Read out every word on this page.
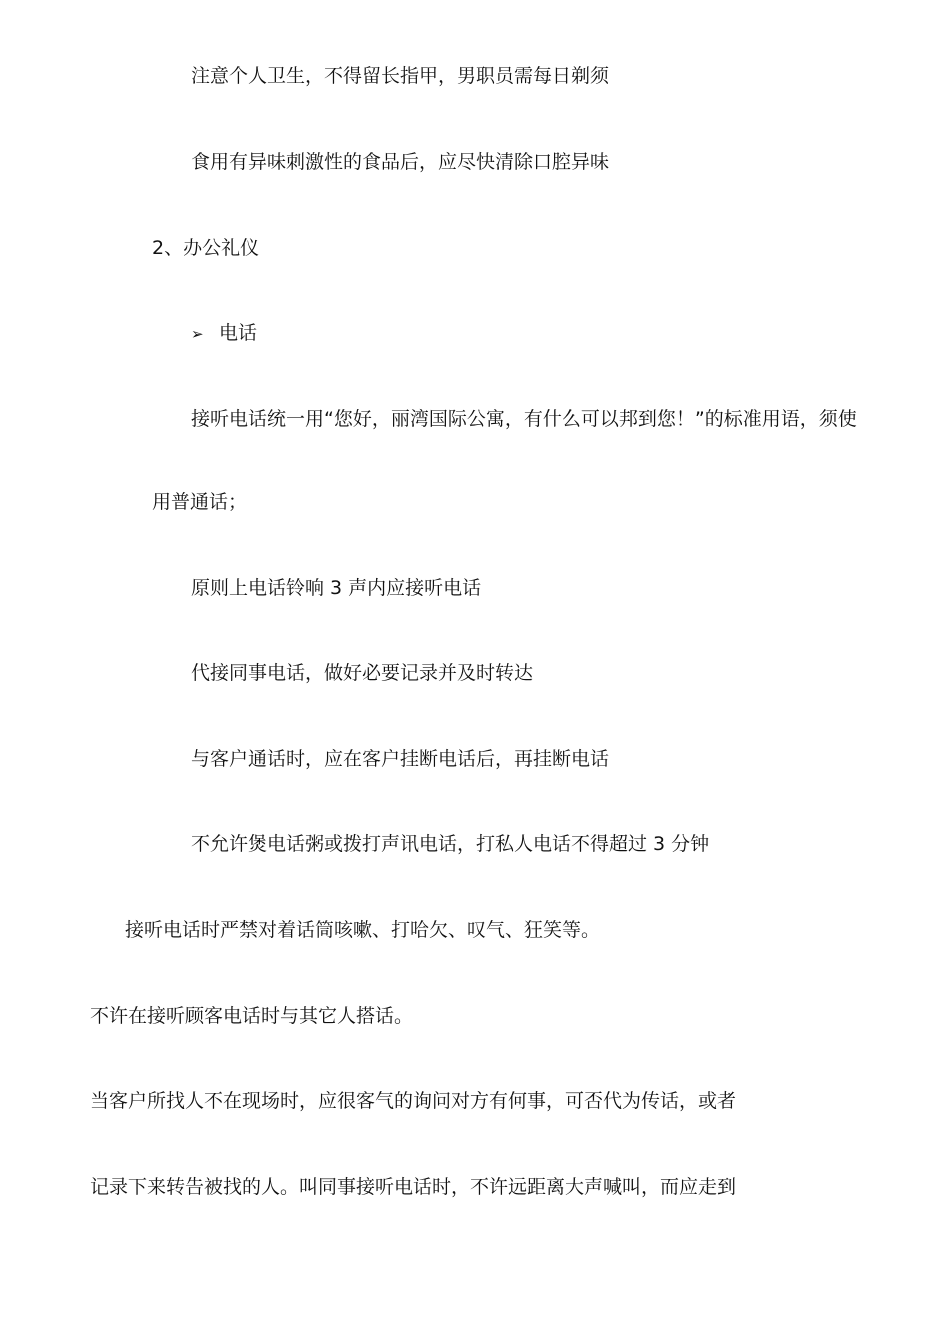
注意个人卫生，不得留长指甲，男职员需每日剃须
食用有异味刺激性的食品后，应尽快清除口腔异味
2、办公礼仪
➢ 电话
接听电话统一用“您好，丽湾国际公寓，有什么可以邦到您！”的标准用语，须使
用普通话；
原则上电话铃响 3 声内应接听电话
代接同事电话，做好必要记录并及时转达
与客户通话时，应在客户挂断电话后，再挂断电话
不允许煲电话粥或拨打声讯电话，打私人电话不得超过 3 分钟
接听电话时严禁对着话筒咳嗽、打哈欠、叹气、狂笑等。
不许在接听顾客电话时与其它人搭话。
当客户所找人不在现场时，应很客气的询问对方有何事，可否代为传话，或者
记录下来转告被找的人。叫同事接听电话时，不许远距离大声喊叫，而应走到
